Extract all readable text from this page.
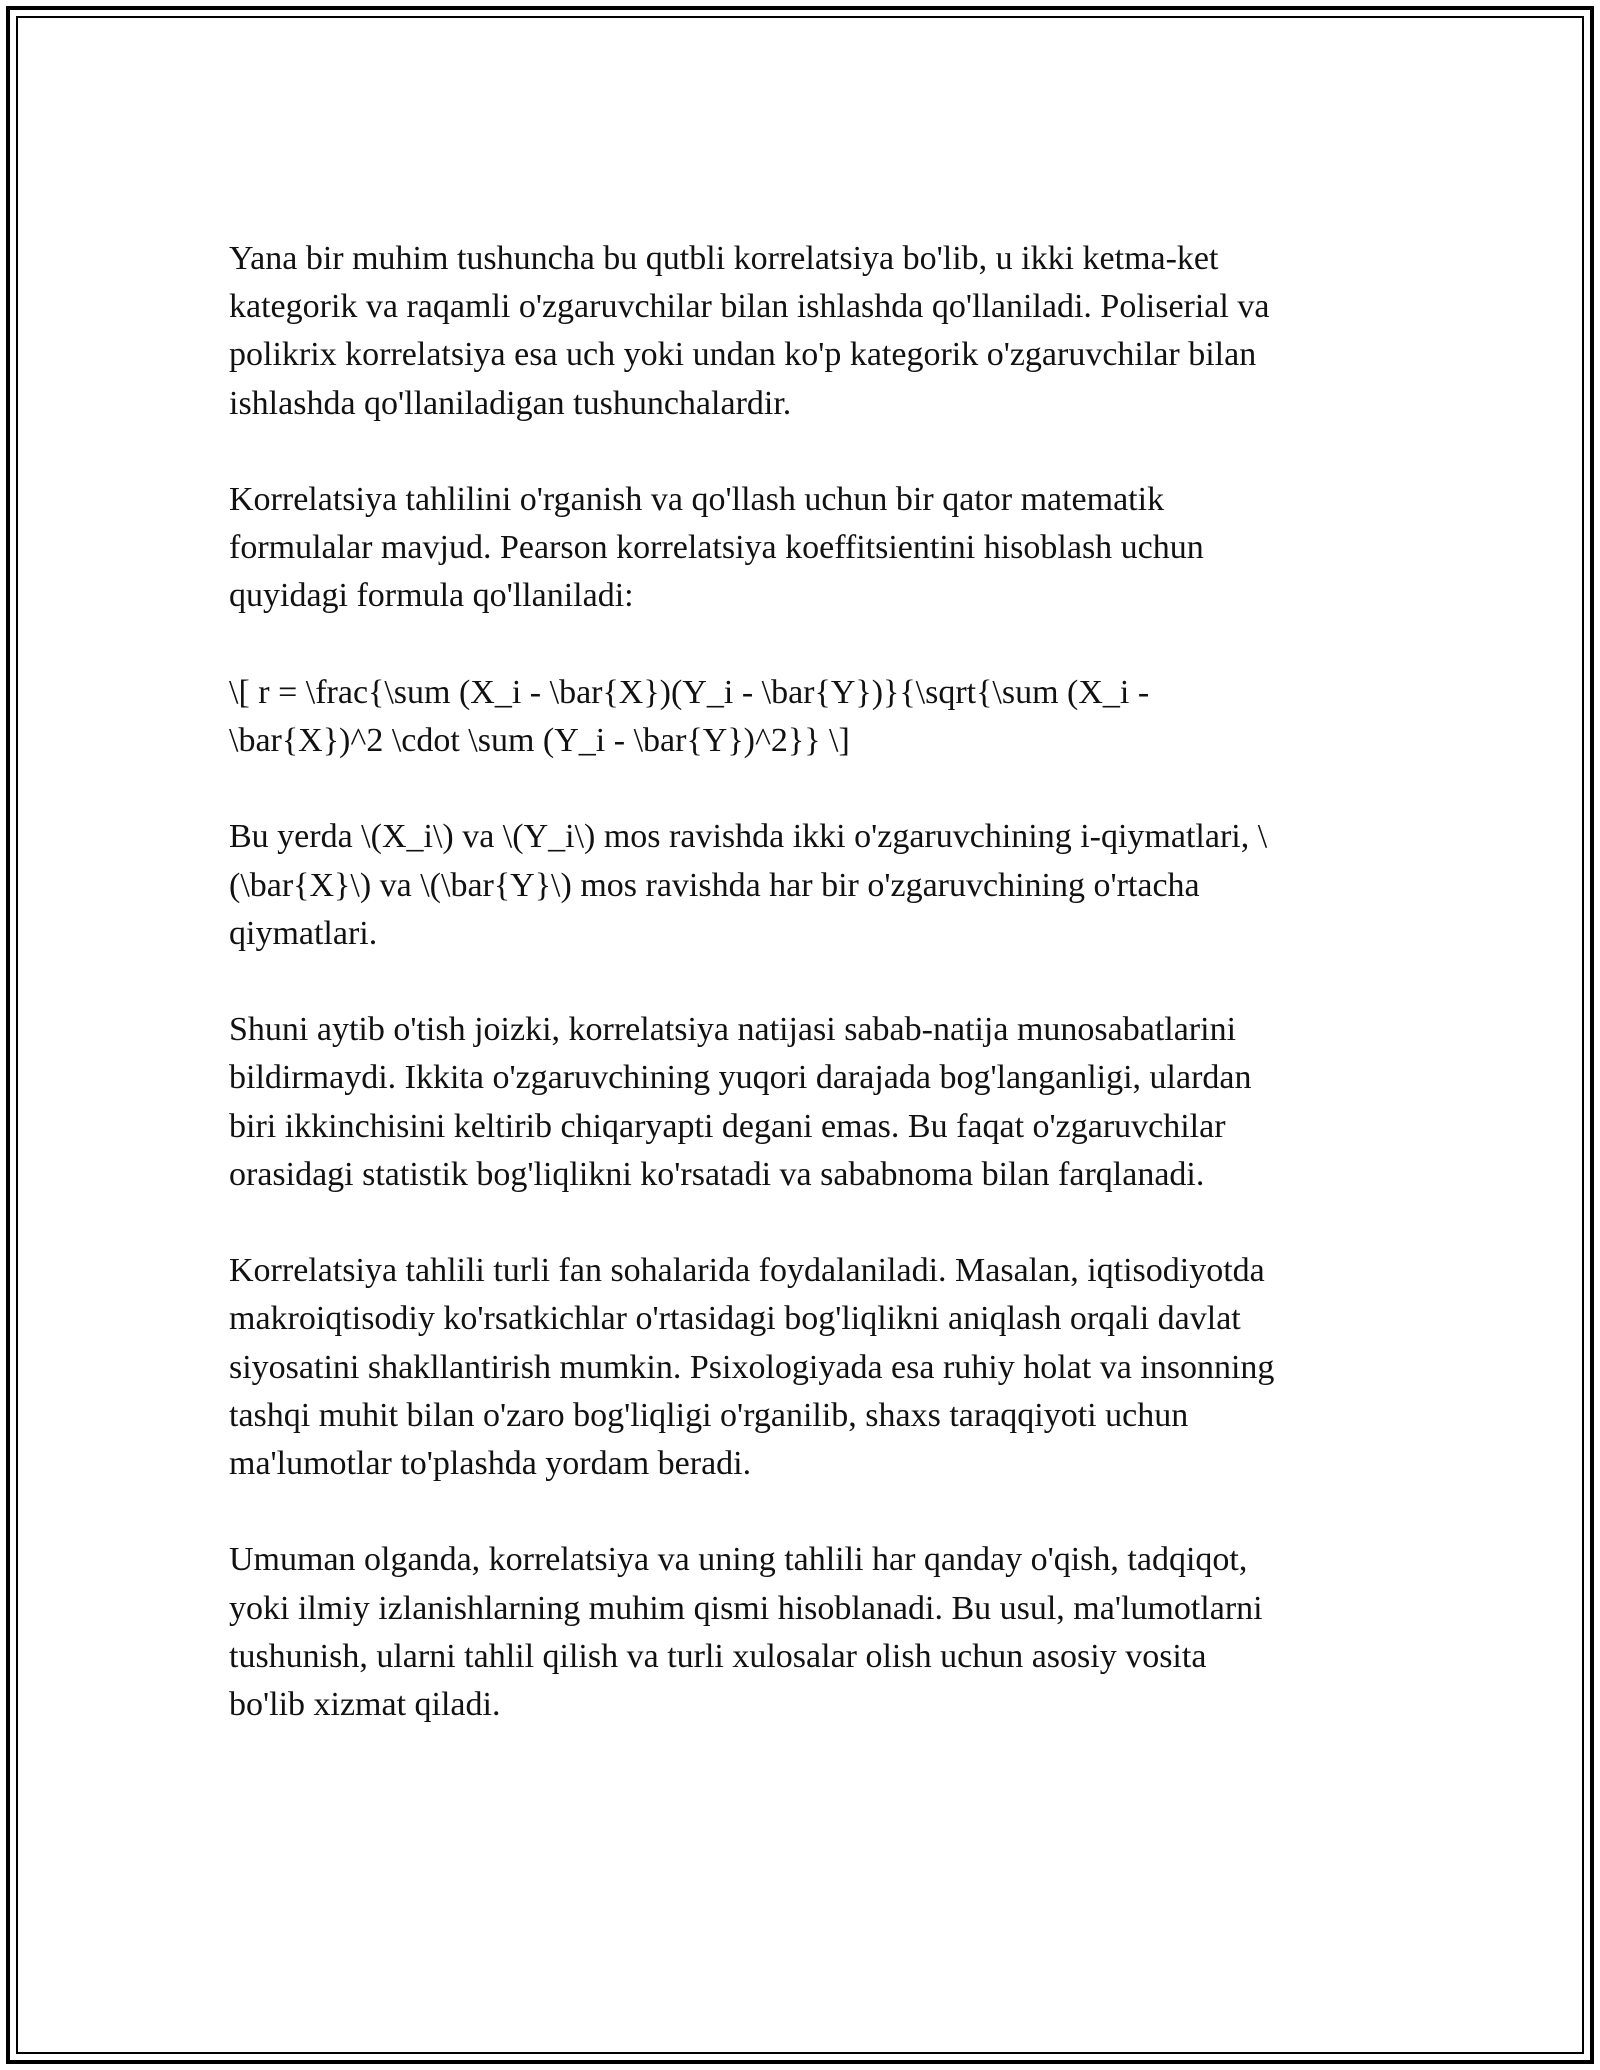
Yana bir muhim tushuncha bu qutbli korrelatsiya bo'lib, u ikki ketma-ket
kategorik va raqamli o'zgaruvchilar bilan ishlashda qo'llaniladi. Poliserial va
polikrix korrelatsiya esa uch yoki undan ko'p kategorik o'zgaruvchilar bilan
ishlashda qo'llaniladigan tushunchalardir.

Korrelatsiya tahlilini o'rganish va qo'llash uchun bir qator matematik
formulalar mavjud. Pearson korrelatsiya koeffitsientini hisoblash uchun
quyidagi formula qo'llaniladi:

\[ r = \frac{\sum (X_i - \bar{X})(Y_i - \bar{Y})}{\sqrt{\sum (X_i -
\bar{X})^2 \cdot \sum (Y_i - \bar{Y})^2}} \]

Bu yerda \(X_i\) va \(Y_i\) mos ravishda ikki o'zgaruvchining i-qiymatlari, \
(\bar{X}\) va \(\bar{Y}\) mos ravishda har bir o'zgaruvchining o'rtacha
qiymatlari.

Shuni aytib o'tish joizki, korrelatsiya natijasi sabab-natija munosabatlarini
bildirmaydi. Ikkita o'zgaruvchining yuqori darajada bog'langanligi, ulardan
biri ikkinchisini keltirib chiqaryapti degani emas. Bu faqat o'zgaruvchilar
orasidagi statistik bog'liqlikni ko'rsatadi va sababnoma bilan farqlanadi.

Korrelatsiya tahlili turli fan sohalarida foydalaniladi. Masalan, iqtisodiyotda
makroiqtisodiy ko'rsatkichlar o'rtasidagi bog'liqlikni aniqlash orqali davlat
siyosatini shakllantirish mumkin. Psixologiyada esa ruhiy holat va insonning
tashqi muhit bilan o'zaro bog'liqligi o'rganilib, shaxs taraqqiyoti uchun
ma'lumotlar to'plashda yordam beradi.

Umuman olganda, korrelatsiya va uning tahlili har qanday o'qish, tadqiqot,
yoki ilmiy izlanishlarning muhim qismi hisoblanadi. Bu usul, ma'lumotlarni
tushunish, ularni tahlil qilish va turli xulosalar olish uchun asosiy vosita
bo'lib xizmat qiladi.
